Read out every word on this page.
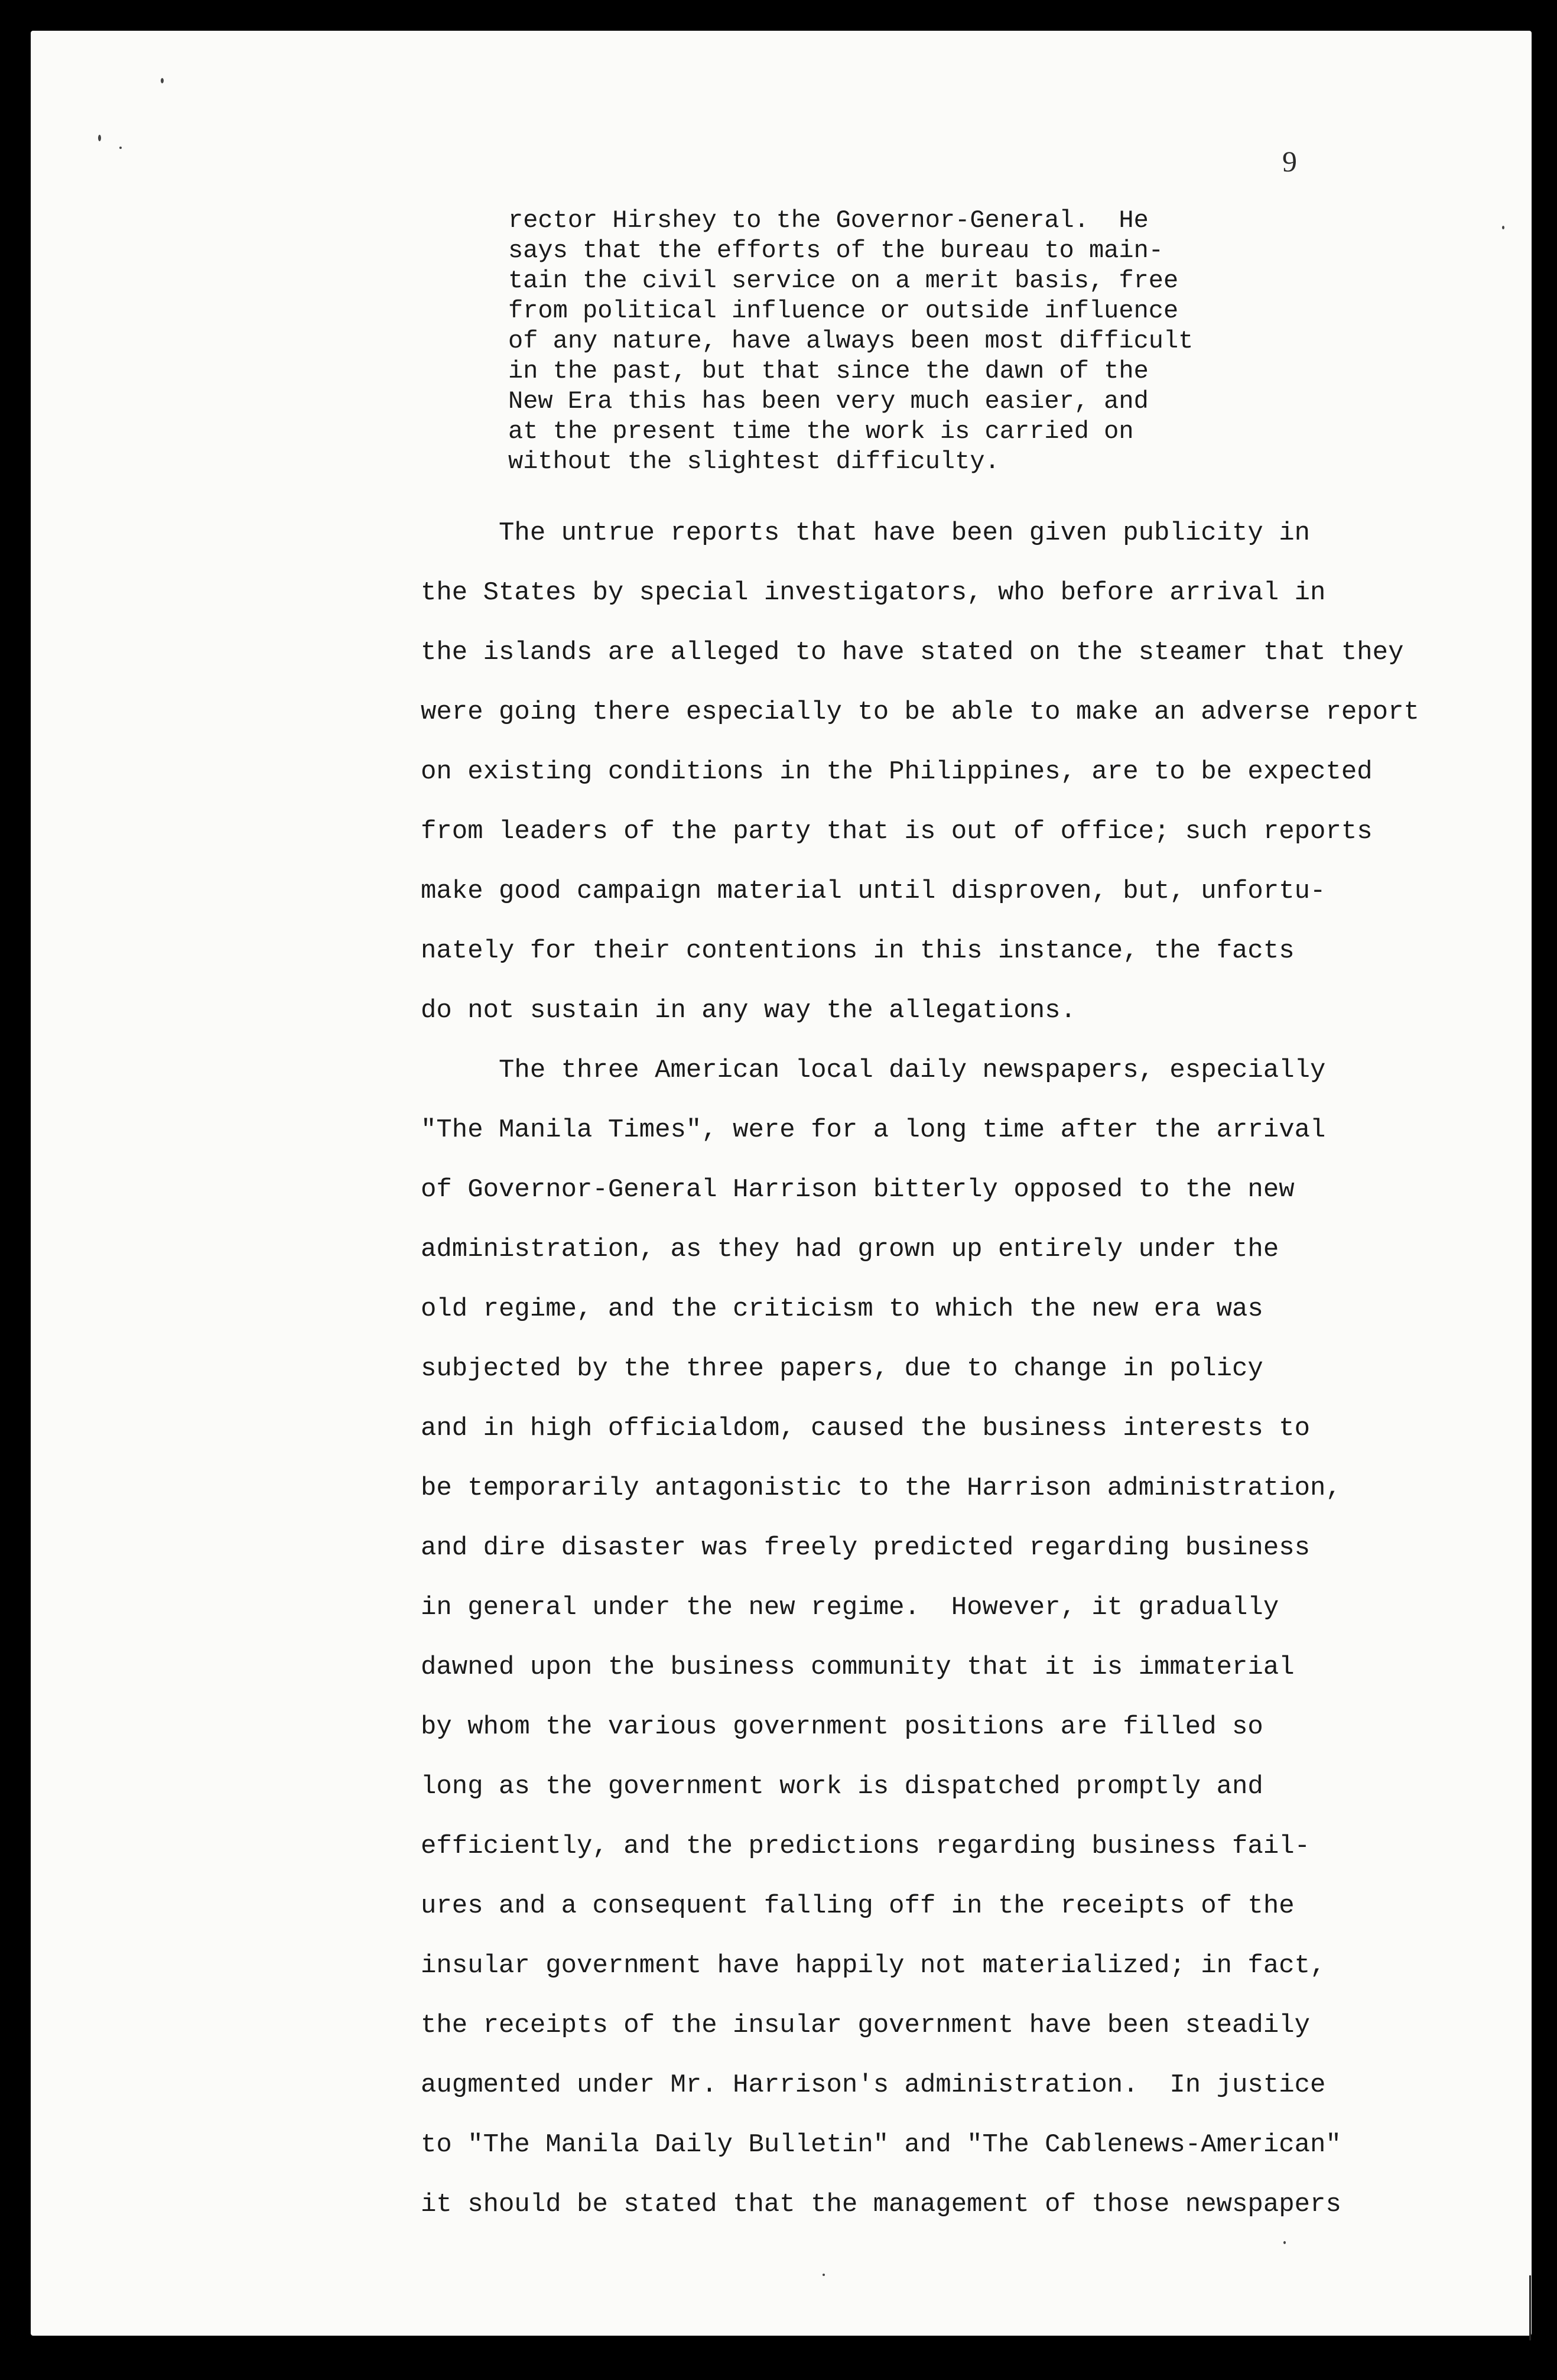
9
rector Hirshey to the Governor-General.  He
says that the efforts of the bureau to main-
tain the civil service on a merit basis, free
from political influence or outside influence
of any nature, have always been most difficult
in the past, but that since the dawn of the
New Era this has been very much easier, and
at the present time the work is carried on
without the slightest difficulty.
The untrue reports that have been given publicity in
the States by special investigators, who before arrival in
the islands are alleged to have stated on the steamer that they
were going there especially to be able to make an adverse report
on existing conditions in the Philippines, are to be expected
from leaders of the party that is out of office; such reports
make good campaign material until disproven, but, unfortu-
nately for their contentions in this instance, the facts
do not sustain in any way the allegations.
The three American local daily newspapers, especially
"The Manila Times", were for a long time after the arrival
of Governor-General Harrison bitterly opposed to the new
administration, as they had grown up entirely under the
old regime, and the criticism to which the new era was
subjected by the three papers, due to change in policy
and in high officialdom, caused the business interests to
be temporarily antagonistic to the Harrison administration,
and dire disaster was freely predicted regarding business
in general under the new regime.  However, it gradually
dawned upon the business community that it is immaterial
by whom the various government positions are filled so
long as the government work is dispatched promptly and
efficiently, and the predictions regarding business fail-
ures and a consequent falling off in the receipts of the
insular government have happily not materialized; in fact,
the receipts of the insular government have been steadily
augmented under Mr. Harrison's administration.  In justice
to "The Manila Daily Bulletin" and "The Cablenews-American"
it should be stated that the management of those newspapers
